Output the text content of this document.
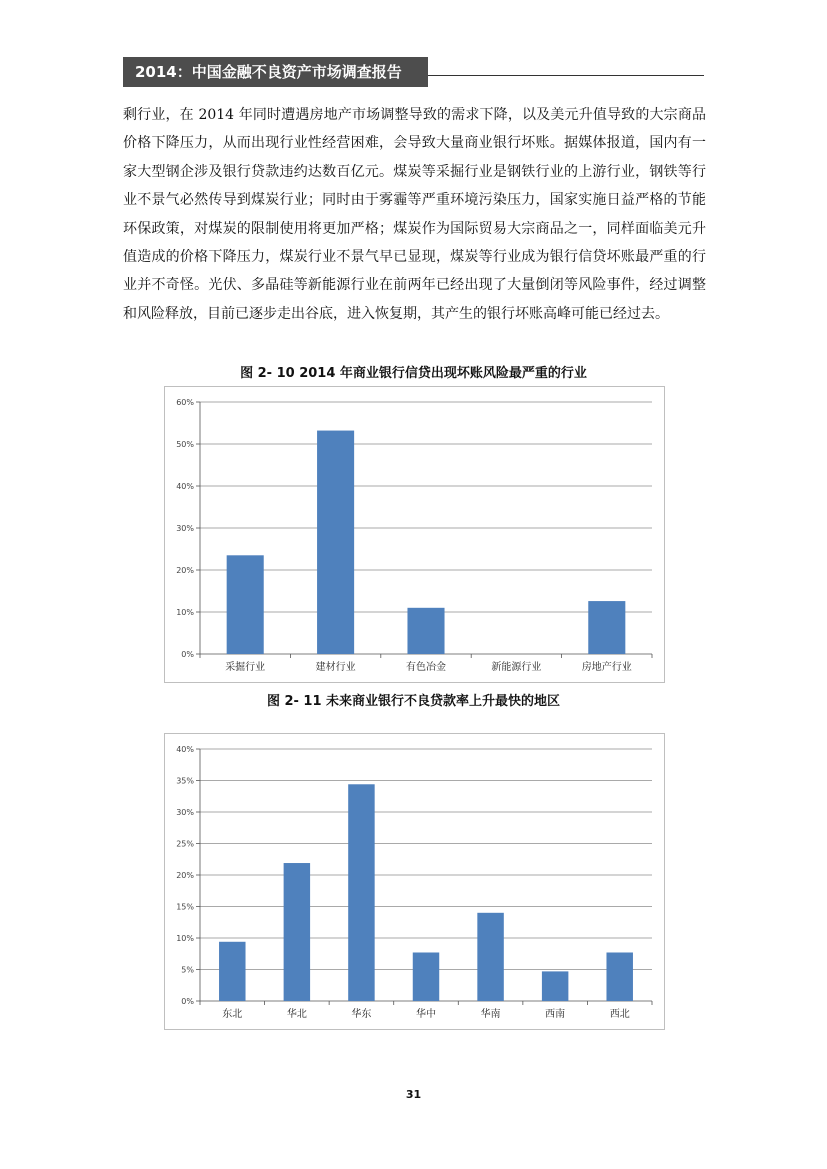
2014：中国金融不良资产市场调查报告

剩行业，在 2014 年同时遭遇房地产市场调整导致的需求下降，以及美元升值导致的大宗商品价格下降压力，从而出现行业性经营困难，会导致大量商业银行坏账。据媒体报道，国内有一家大型钢企涉及银行贷款违约达数百亿元。煤炭等采掘行业是钢铁行业的上游行业，钢铁等行业不景气必然传导到煤炭行业；同时由于雾霾等严重环境污染压力，国家实施日益严格的节能环保政策，对煤炭的限制使用将更加严格；煤炭作为国际贸易大宗商品之一，同样面临美元升值造成的价格下降压力，煤炭行业不景气早已显现，煤炭等行业成为银行信贷坏账最严重的行业并不奇怪。光伏、多晶硅等新能源行业在前两年已经出现了大量倒闭等风险事件，经过调整和风险释放，目前已逐步走出谷底，进入恢复期，其产生的银行坏账高峰可能已经过去。

图 2- 10 2014 年商业银行信贷出现坏账风险最严重的行业
0%
10%
20%
30%
40%
50%
60%
采掘行业	建材行业	有色冶金	新能源行业	房地产行业
图 2- 11 未来商业银行不良贷款率上升最快的地区
0%
5%
10%
15%
20%
25%
30%
35%
40%
东北	华北	华东	华中	华南	西南	西北
31
